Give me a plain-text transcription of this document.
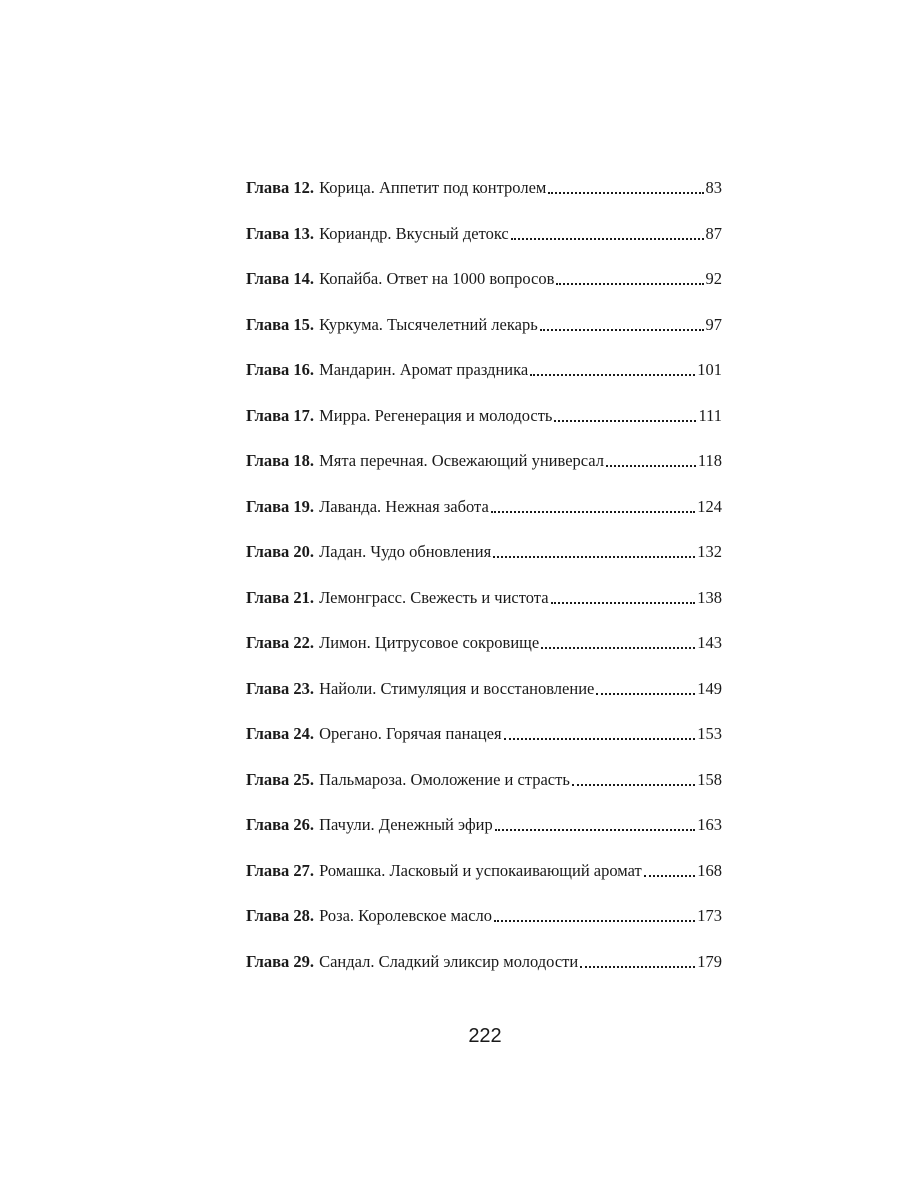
Глава 12. Корица. Аппетит под контролем	83
Глава 13. Кориандр. Вкусный детокс	87
Глава 14. Копайба. Ответ на 1000 вопросов	92
Глава 15. Куркума. Тысячелетний лекарь	97
Глава 16. Мандарин. Аромат праздника	101
Глава 17. Мирра. Регенерация и молодость	111
Глава 18. Мята перечная. Освежающий универсал	118
Глава 19. Лаванда. Нежная забота	124
Глава 20. Ладан. Чудо обновления	132
Глава 21. Лемонграсс. Свежесть и чистота	138
Глава 22. Лимон. Цитрусовое сокровище	143
Глава 23. Найоли. Стимуляция и восстановление	149
Глава 24. Орегано. Горячая панацея	153
Глава 25. Пальмароза. Омоложение и страсть	158
Глава 26. Пачули. Денежный эфир	163
Глава 27. Ромашка. Ласковый и успокаивающий аромат	168
Глава 28. Роза. Королевское масло	173
Глава 29. Сандал. Сладкий эликсир молодости	179
222
